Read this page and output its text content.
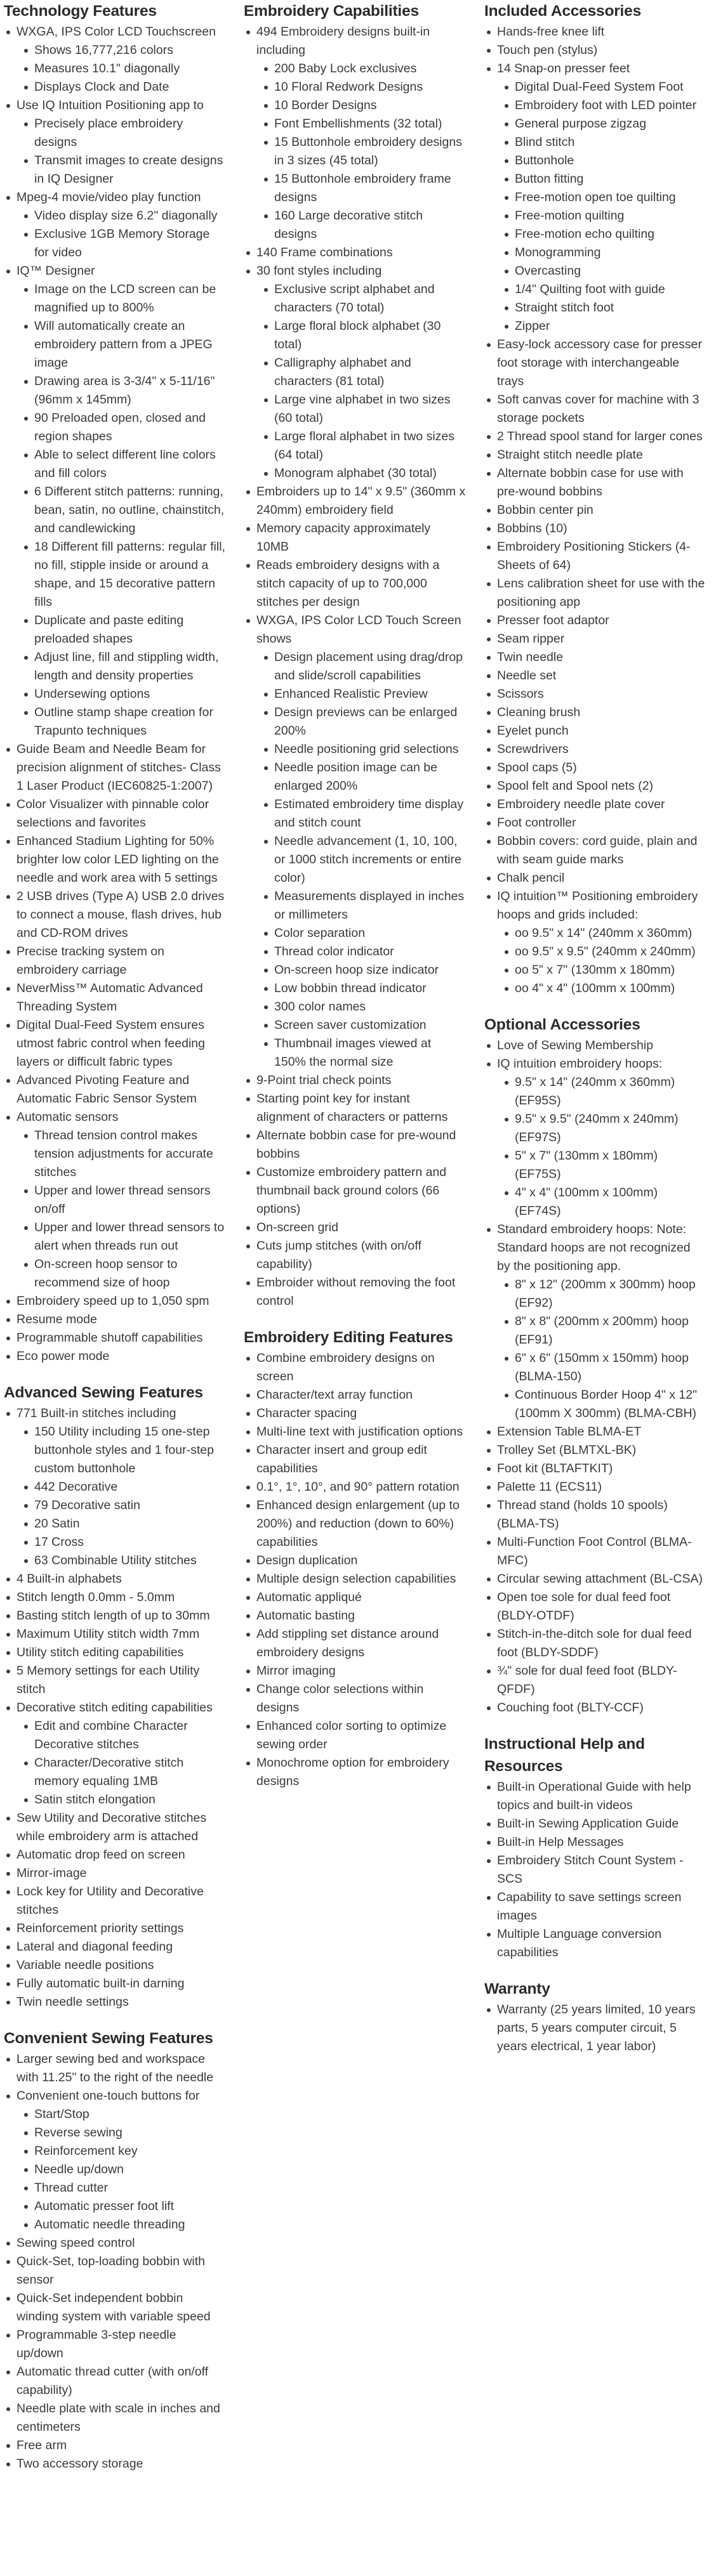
Technology Features
WXGA, IPS Color LCD Touchscreen
Shows 16,777,216 colors
Measures 10.1" diagonally
Displays Clock and Date
Use IQ Intuition Positioning app to
Precisely place embroidery designs
Transmit images to create designs in IQ Designer
Mpeg-4 movie/video play function
Video display size 6.2" diagonally
Exclusive 1GB Memory Storage for video
IQ™ Designer
Image on the LCD screen can be magnified up to 800%
Will automatically create an embroidery pattern from a JPEG image
Drawing area is 3-3/4" x 5-11/16" (96mm x 145mm)
90 Preloaded open, closed and region shapes
Able to select different line colors and fill colors
6 Different stitch patterns: running, bean, satin, no outline, chainstitch, and candlewicking
18 Different fill patterns: regular fill, no fill, stipple inside or around a shape, and 15 decorative pattern fills
Duplicate and paste editing preloaded shapes
Adjust line, fill and stippling width, length and density properties
Undersewing options
Outline stamp shape creation for Trapunto techniques
Guide Beam and Needle Beam for precision alignment of stitches- Class 1 Laser Product (IEC60825-1:2007)
Color Visualizer with pinnable color selections and favorites
Enhanced Stadium Lighting for 50% brighter low color LED lighting on the needle and work area with 5 settings
2 USB drives (Type A) USB 2.0 drives to connect a mouse, flash drives, hub and CD-ROM drives
Precise tracking system on embroidery carriage
NeverMiss™ Automatic Advanced Threading System
Digital Dual-Feed System ensures utmost fabric control when feeding layers or difficult fabric types
Advanced Pivoting Feature and Automatic Fabric Sensor System
Automatic sensors
Thread tension control makes tension adjustments for accurate stitches
Upper and lower thread sensors on/off
Upper and lower thread sensors to alert when threads run out
On-screen hoop sensor to recommend size of hoop
Embroidery speed up to 1,050 spm
Resume mode
Programmable shutoff capabilities
Eco power mode
Advanced Sewing Features
771 Built-in stitches including
150 Utility including 15 one-step buttonhole styles and 1 four-step custom buttonhole
442 Decorative
79 Decorative satin
20 Satin
17 Cross
63 Combinable Utility stitches
4 Built-in alphabets
Stitch length 0.0mm - 5.0mm
Basting stitch length of up to 30mm
Maximum Utility stitch width 7mm
Utility stitch editing capabilities
5 Memory settings for each Utility stitch
Decorative stitch editing capabilities
Edit and combine Character Decorative stitches
Character/Decorative stitch memory equaling 1MB
Satin stitch elongation
Sew Utility and Decorative stitches while embroidery arm is attached
Automatic drop feed on screen
Mirror-image
Lock key for Utility and Decorative stitches
Reinforcement priority settings
Lateral and diagonal feeding
Variable needle positions
Fully automatic built-in darning
Twin needle settings
Convenient Sewing Features
Larger sewing bed and workspace with 11.25" to the right of the needle
Convenient one-touch buttons for
Start/Stop
Reverse sewing
Reinforcement key
Needle up/down
Thread cutter
Automatic presser foot lift
Automatic needle threading
Sewing speed control
Quick-Set, top-loading bobbin with sensor
Quick-Set independent bobbin winding system with variable speed
Programmable 3-step needle up/down
Automatic thread cutter (with on/off capability)
Needle plate with scale in inches and centimeters
Free arm
Two accessory storage
Embroidery Capabilities
494 Embroidery designs built-in including
200 Baby Lock exclusives
10 Floral Redwork Designs
10 Border Designs
Font Embellishments (32 total)
15 Buttonhole embroidery designs in 3 sizes (45 total)
15 Buttonhole embroidery frame designs
160 Large decorative stitch designs
140 Frame combinations
30 font styles including
Exclusive script alphabet and characters (70 total)
Large floral block alphabet (30 total)
Calligraphy alphabet and characters (81 total)
Large vine alphabet in two sizes (60 total)
Large floral alphabet in two sizes (64 total)
Monogram alphabet (30 total)
Embroiders up to 14" x 9.5" (360mm x 240mm) embroidery field
Memory capacity approximately 10MB
Reads embroidery designs with a stitch capacity of up to 700,000 stitches per design
WXGA, IPS Color LCD Touch Screen shows
Design placement using drag/drop and slide/scroll capabilities
Enhanced Realistic Preview
Design previews can be enlarged 200%
Needle positioning grid selections
Needle position image can be enlarged 200%
Estimated embroidery time display and stitch count
Needle advancement (1, 10, 100, or 1000 stitch increments or entire color)
Measurements displayed in inches or millimeters
Color separation
Thread color indicator
On-screen hoop size indicator
Low bobbin thread indicator
300 color names
Screen saver customization
Thumbnail images viewed at 150% the normal size
9-Point trial check points
Starting point key for instant alignment of characters or patterns
Alternate bobbin case for pre-wound bobbins
Customize embroidery pattern and thumbnail back ground colors (66 options)
On-screen grid
Cuts jump stitches (with on/off capability)
Embroider without removing the foot control
Embroidery Editing Features
Combine embroidery designs on screen
Character/text array function
Character spacing
Multi-line text with justification options
Character insert and group edit capabilities
0.1°, 1°, 10°, and 90° pattern rotation
Enhanced design enlargement (up to 200%) and reduction (down to 60%) capabilities
Design duplication
Multiple design selection capabilities
Automatic appliqué
Automatic basting
Add stippling set distance around embroidery designs
Mirror imaging
Change color selections within designs
Enhanced color sorting to optimize sewing order
Monochrome option for embroidery designs
Included Accessories
Hands-free knee lift
Touch pen (stylus)
14 Snap-on presser feet
Digital Dual-Feed System Foot
Embroidery foot with LED pointer
General purpose zigzag
Blind stitch
Buttonhole
Button fitting
Free-motion open toe quilting
Free-motion quilting
Free-motion echo quilting
Monogramming
Overcasting
1/4" Quilting foot with guide
Straight stitch foot
Zipper
Easy-lock accessory case for presser foot storage with interchangeable trays
Soft canvas cover for machine with 3 storage pockets
2 Thread spool stand for larger cones
Straight stitch needle plate
Alternate bobbin case for use with pre-wound bobbins
Bobbin center pin
Bobbins (10)
Embroidery Positioning Stickers (4-Sheets of 64)
Lens calibration sheet for use with the positioning app
Presser foot adaptor
Seam ripper
Twin needle
Needle set
Scissors
Cleaning brush
Eyelet punch
Screwdrivers
Spool caps (5)
Spool felt and Spool nets (2)
Embroidery needle plate cover
Foot controller
Bobbin covers: cord guide, plain and with seam guide marks
Chalk pencil
IQ intuition™ Positioning embroidery hoops and grids included:
oo 9.5" x 14" (240mm x 360mm)
oo 9.5" x 9.5" (240mm x 240mm)
oo 5" x 7" (130mm x 180mm)
oo 4" x 4" (100mm x 100mm)
Optional Accessories
Love of Sewing Membership
IQ intuition embroidery hoops:
9.5" x 14" (240mm x 360mm) (EF95S)
9.5" x 9.5" (240mm x 240mm) (EF97S)
5" x 7" (130mm x 180mm) (EF75S)
4" x 4" (100mm x 100mm) (EF74S)
Standard embroidery hoops: Note: Standard hoops are not recognized by the positioning app.
8" x 12" (200mm x 300mm) hoop (EF92)
8" x 8" (200mm x 200mm) hoop (EF91)
6" x 6" (150mm x 150mm) hoop (BLMA-150)
Continuous Border Hoop 4" x 12" (100mm X 300mm) (BLMA-CBH)
Extension Table BLMA-ET
Trolley Set (BLMTXL-BK)
Foot kit (BLTAFTKIT)
Palette 11 (ECS11)
Thread stand (holds 10 spools) (BLMA-TS)
Multi-Function Foot Control (BLMA-MFC)
Circular sewing attachment (BL-CSA)
Open toe sole for dual feed foot (BLDY-OTDF)
Stitch-in-the-ditch sole for dual feed foot (BLDY-SDDF)
¾" sole for dual feed foot (BLDY-QFDF)
Couching foot (BLTY-CCF)
Instructional Help and Resources
Built-in Operational Guide with help topics and built-in videos
Built-in Sewing Application Guide
Built-in Help Messages
Embroidery Stitch Count System - SCS
Capability to save settings screen images
Multiple Language conversion capabilities
Warranty
Warranty (25 years limited, 10 years parts, 5 years computer circuit, 5 years electrical, 1 year labor)
